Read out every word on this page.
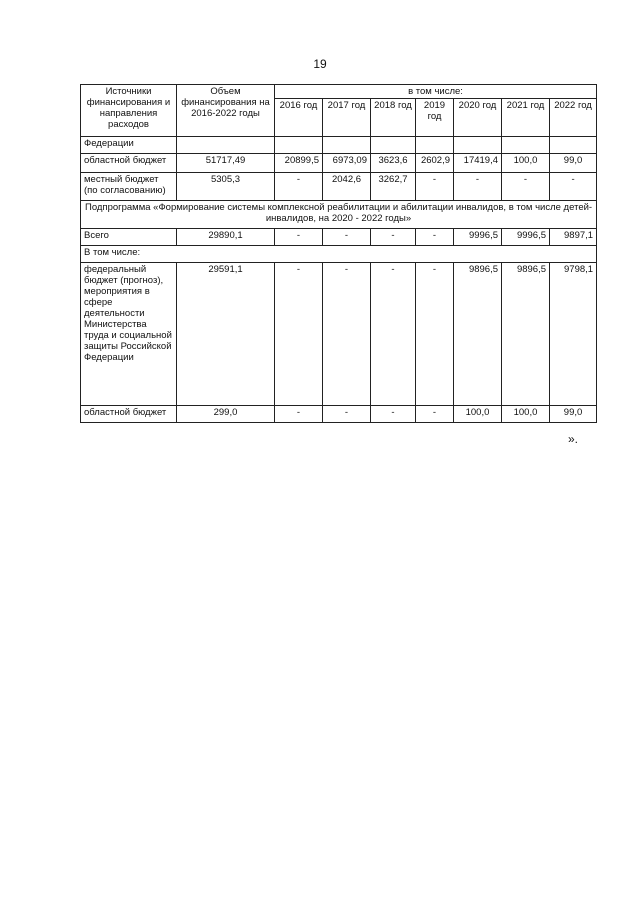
19
Источники финансирования и направления расходов	Объем финансирования на 2016-2022 годы	в том числе:						
		2016 год	2017 год	2018 год	2019 год	2020 год	2021 год	2022 год
Федерации								
областной бюджет	51717,49	20899,5	6973,09	3623,6	2602,9	17419,4	100,0	99,0
местный бюджет (по согласованию)	5305,3	-	2042,6	3262,7	-	-	-	-
Подпрограмма «Формирование системы комплексной реабилитации и абилитации инвалидов, в том числе детей-инвалидов, на 2020 - 2022 годы»								
Всего	29890,1	-	-	-	-	9996,5	9996,5	9897,1
В том числе:								
федеральный бюджет (прогноз), мероприятия в сфере деятельности Министерства труда и социальной защиты Российской Федерации	29591,1	-	-	-	-	9896,5	9896,5	9798,1
областной бюджет	299,0	-	-	-	-	100,0	100,0	99,0
».
